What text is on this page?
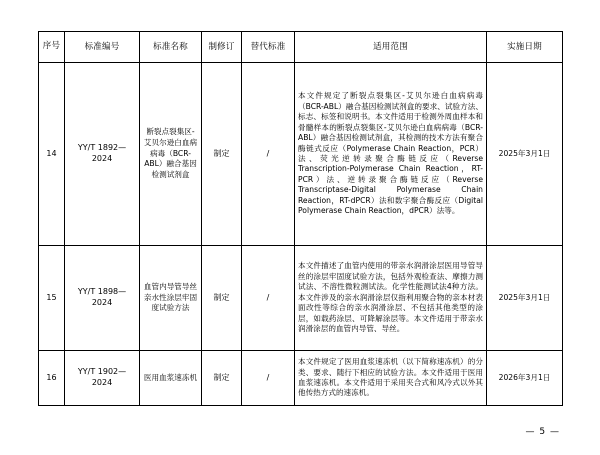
序号	标准编号	标准名称	制修订	替代标准	适用范围	实施日期
14	YY/T 1892—2024	断裂点裂集区-艾贝尔逊白血病病毒（BCR-ABL）融合基因检测试剂盒	制定	/	本文件规定了断裂点裂集区-艾贝尔逊白血病病毒（BCR-ABL）融合基因检测试剂盒的要求、试验方法、标志、标签和说明书。本文件适用于检测外周血样本和骨髓样本的断裂点裂集区-艾贝尔逊白血病病毒（BCR-ABL）融合基因检测试剂盒，其检测的技术方法有聚合酶链式反应（Polymerase Chain Reaction，PCR）法、荧光逆转录聚合酶链反应（Reverse Transcription-Polymerase Chain Reaction，RT-PCR）法、逆转录聚合酶链反应（Reverse Transcriptase-Digital Polymerase Chain Reaction，RT-dPCR）法和数字聚合酶反应（Digital Polymerase Chain Reaction，dPCR）法等。	2025年3月1日
15	YY/T 1898—2024	血管内导管导丝亲水性涂层牢固度试验方法	制定	/	本文件描述了血管内使用的带亲水润滑涂层医用导管导丝的涂层牢固度试验方法，包括外观检查法、摩擦力测试法、不溶性微粒测试法。化学性能测试法4种方法。本文件涉及的亲水润滑涂层仅指利用聚合物的亲本材表面改性等综合的亲水润滑涂层、不包括其他类型的涂层，如载药涂层、可降解涂层等。本文件适用于带亲水润滑涂层的血管内导管、导丝。	2025年3月1日
16	YY/T 1902—2024	医用血浆速冻机	制定	/	本文件规定了医用血浆速冻机（以下简称速冻机）的分类、要求、随行下相应的试验方法。本文件适用于医用血浆速冻机。本文件适用于采用夹合式和风冷式以外其他传热方式的速冻机。	2026年3月1日
— 5 —
